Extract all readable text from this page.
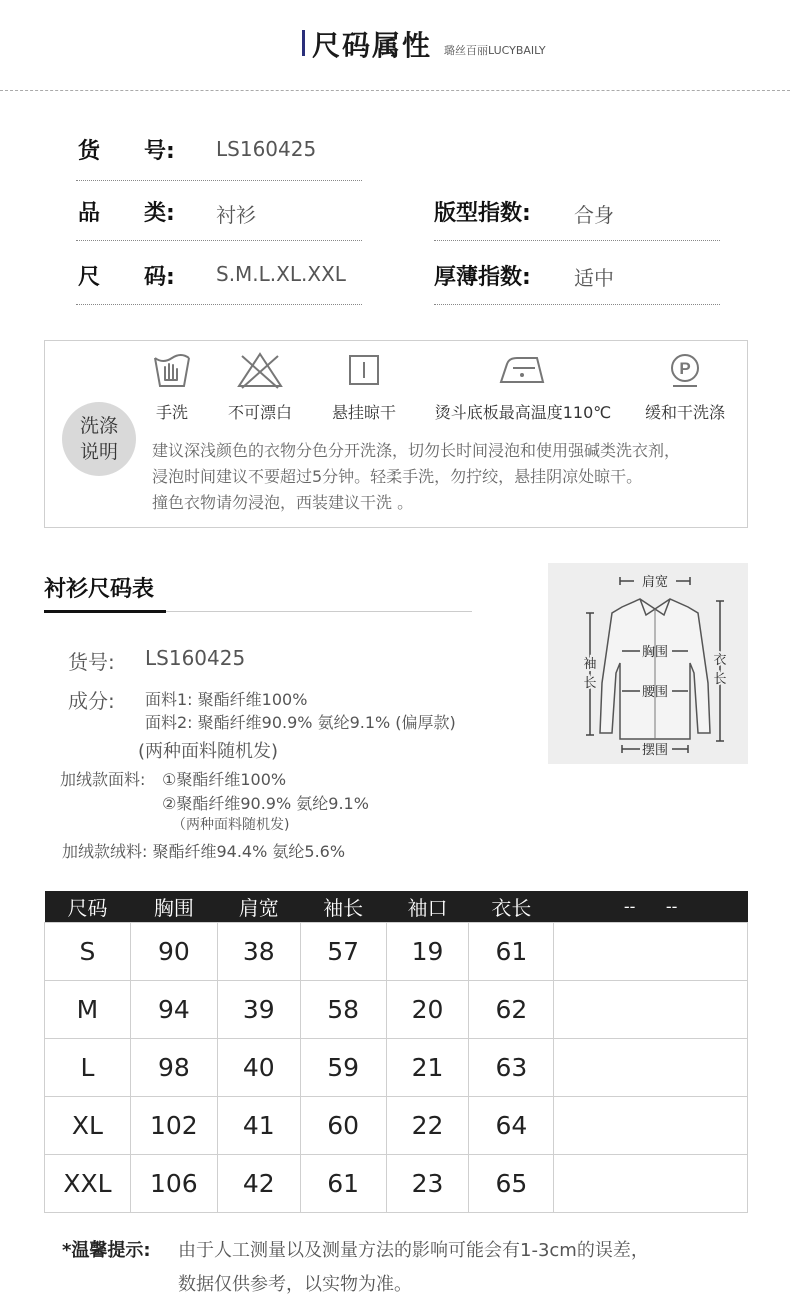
尺码属性 璐丝百丽LUCYBAILY
货　　号: LS160425
品　　类: 衬衫	版型指数: 合身
尺　　码: S.M.L.XL.XXL	厚薄指数: 适中
洗涤
说明
手洗	不可漂白	悬挂晾干 烫斗底板最高温度110℃
P
缓和干洗涤
建议深浅颜色的衣物分色分开洗涤，切勿长时间浸泡和使用强碱类洗衣剂，
浸泡时间建议不要超过5分钟。轻柔手洗，勿拧绞，悬挂阴凉处晾干。
撞色衣物请勿浸泡，西装建议干洗 。
衬衫尺码表
货号: LS160425
成分: 面料1: 聚酯纤维100%
面料2: 聚酯纤维90.9% 氨纶9.1% (偏厚款)
(两种面料随机发)
加绒款面料: ①聚酯纤维100%
②聚酯纤维90.9% 氨纶9.1%
（两种面料随机发)
加绒款绒料: 聚酯纤维94.4% 氨纶5.6%
肩宽
胸围
腰围
摆围
袖
长
衣
长
尺码	胸围	肩宽	袖长	袖口	衣长	--      --
S	90	38	57	19	61	
M	94	39	58	20	62	
L	98	40	59	21	63	
XL	102	41	60	22	64	
XXL	106	42	61	23	65	
*温馨提示: 由于人工测量以及测量方法的影响可能会有1-3cm的误差，
数据仅供参考，以实物为准。
